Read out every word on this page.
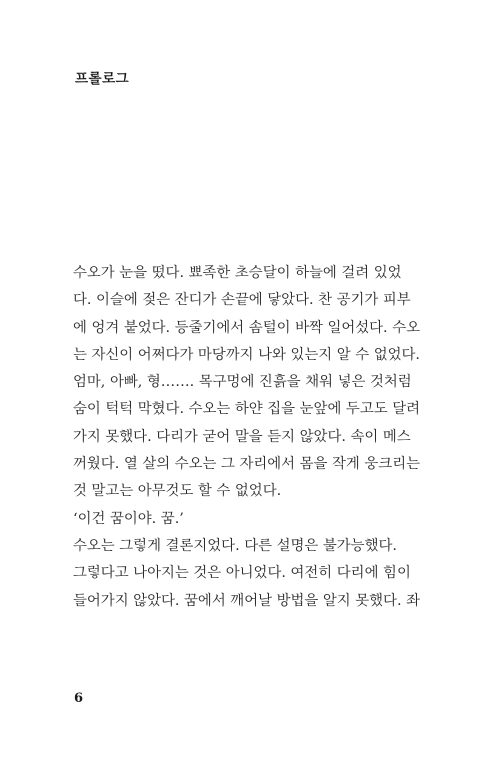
프롤로그
수오가 눈을 떴다. 뾰족한 초승달이 하늘에 걸려 있었
다. 이슬에 젖은 잔디가 손끝에 닿았다. 찬 공기가 피부
에 엉겨 붙었다. 등줄기에서 솜털이 바짝 일어섰다. 수오
는 자신이 어쩌다가 마당까지 나와 있는지 알 수 없었다.
엄마, 아빠, 형……. 목구멍에 진흙을 채워 넣은 것처럼
숨이 턱턱 막혔다. 수오는 하얀 집을 눈앞에 두고도 달려
가지 못했다. 다리가 굳어 말을 듣지 않았다. 속이 메스
꺼웠다. 열 살의 수오는 그 자리에서 몸을 작게 웅크리는
것 말고는 아무것도 할 수 없었다.
‘이건 꿈이야. 꿈.’
수오는 그렇게 결론지었다. 다른 설명은 불가능했다.
그렇다고 나아지는 것은 아니었다. 여전히 다리에 힘이
들어가지 않았다. 꿈에서 깨어날 방법을 알지 못했다. 좌
6
